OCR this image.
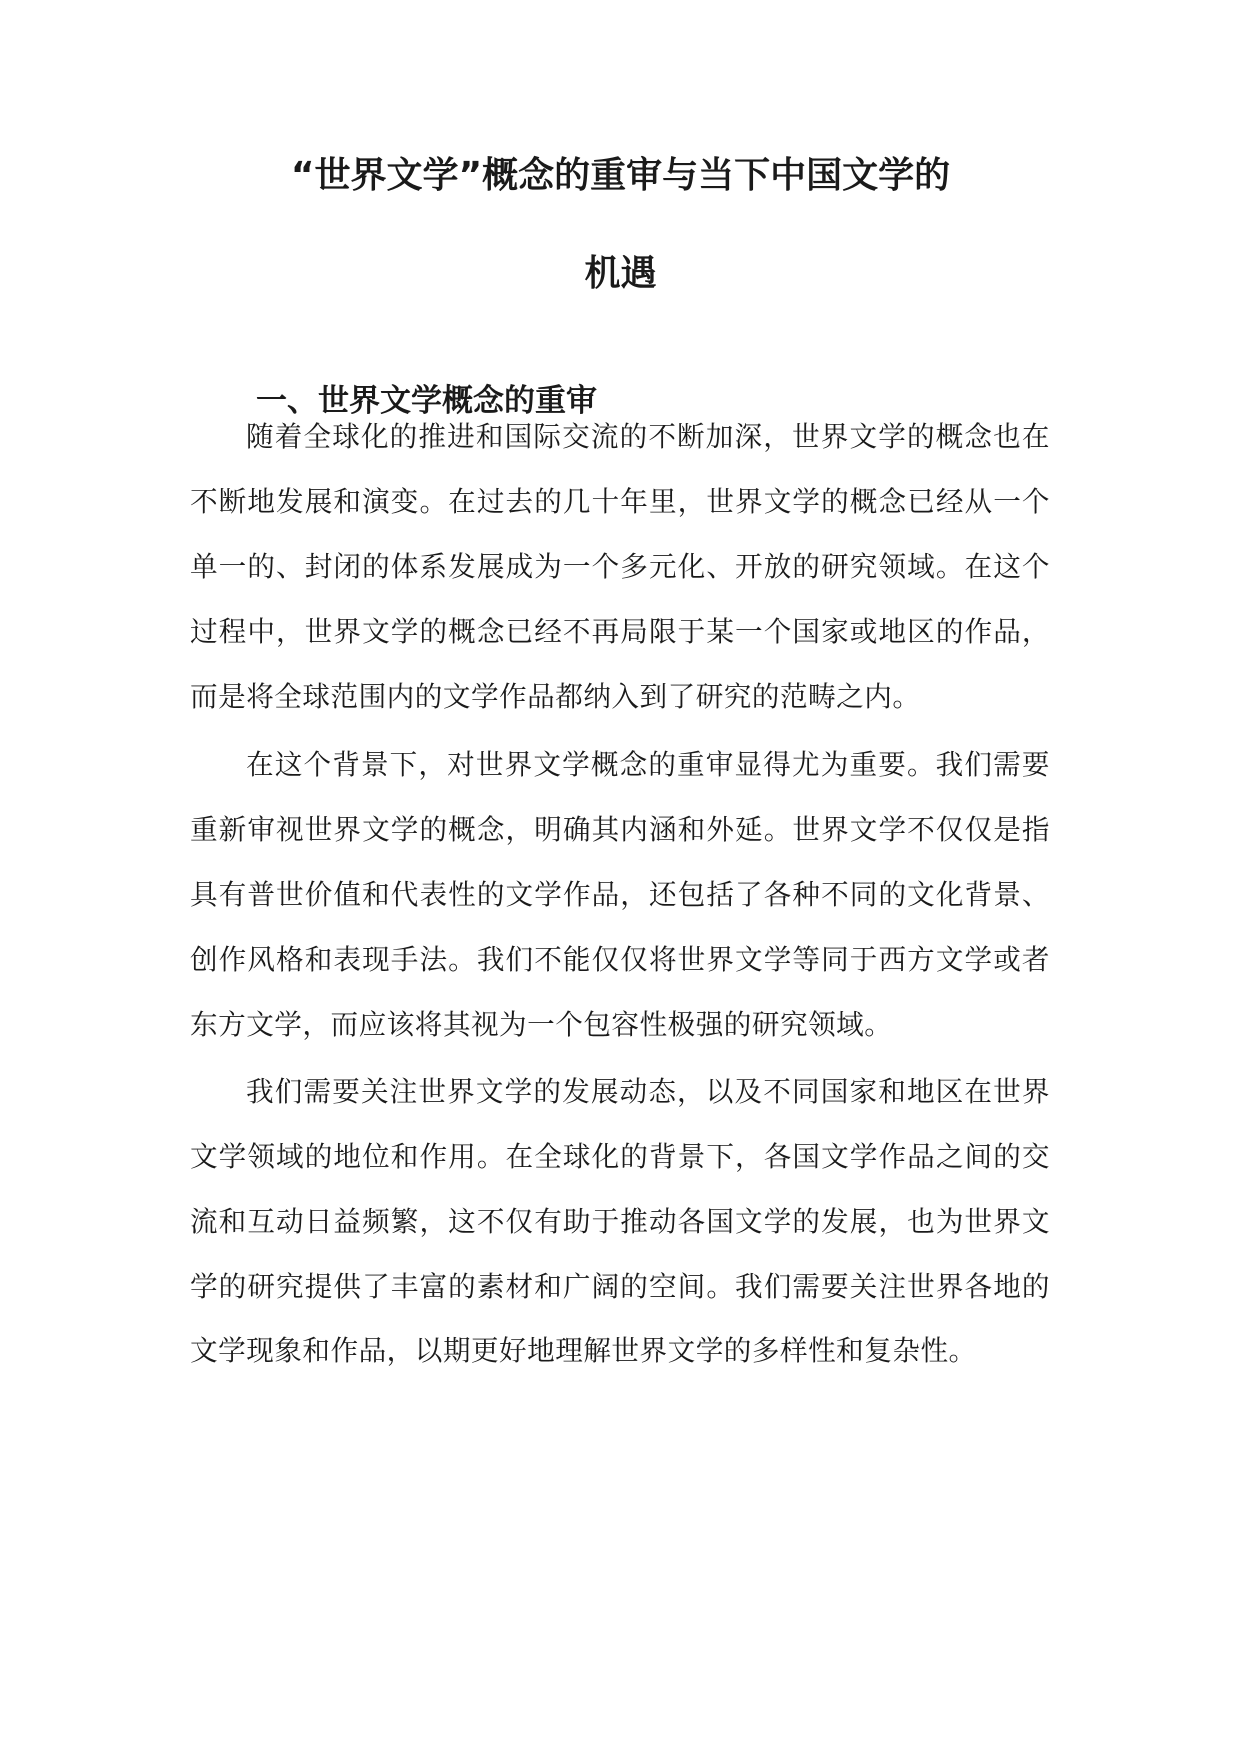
“世界文学”概念的重审与当下中国文学的
机遇
一、世界文学概念的重审
随着全球化的推进和国际交流的不断加深，世界文学的概念也在
不断地发展和演变。在过去的几十年里，世界文学的概念已经从一个
单一的、封闭的体系发展成为一个多元化、开放的研究领域。在这个
过程中，世界文学的概念已经不再局限于某一个国家或地区的作品，
而是将全球范围内的文学作品都纳入到了研究的范畴之内。
在这个背景下，对世界文学概念的重审显得尤为重要。我们需要
重新审视世界文学的概念，明确其内涵和外延。世界文学不仅仅是指
具有普世价值和代表性的文学作品，还包括了各种不同的文化背景、
创作风格和表现手法。我们不能仅仅将世界文学等同于西方文学或者
东方文学，而应该将其视为一个包容性极强的研究领域。
我们需要关注世界文学的发展动态，以及不同国家和地区在世界
文学领域的地位和作用。在全球化的背景下，各国文学作品之间的交
流和互动日益频繁，这不仅有助于推动各国文学的发展，也为世界文
学的研究提供了丰富的素材和广阔的空间。我们需要关注世界各地的
文学现象和作品，以期更好地理解世界文学的多样性和复杂性。
